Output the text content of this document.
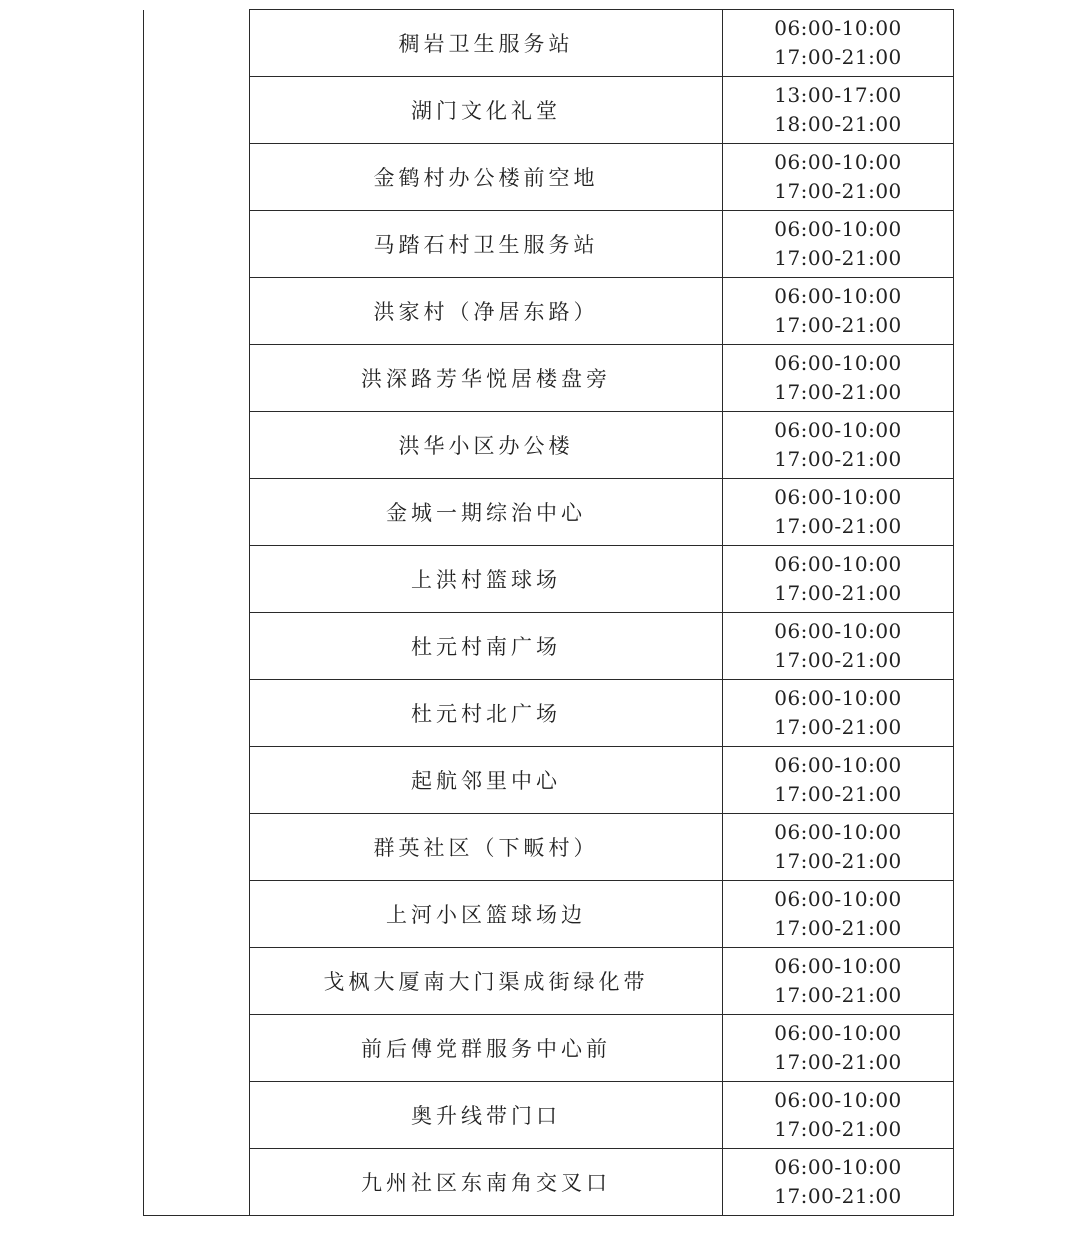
	稠岩卫生服务站	06:00-10:00
17:00-21:00

	湖门文化礼堂	13:00-17:00
18:00-21:00

	金鹤村办公楼前空地	06:00-10:00
17:00-21:00

	马踏石村卫生服务站	06:00-10:00
17:00-21:00

	洪家村（净居东路）	06:00-10:00
17:00-21:00

	洪深路芳华悦居楼盘旁	06:00-10:00
17:00-21:00

	洪华小区办公楼	06:00-10:00
17:00-21:00

	金城一期综治中心	06:00-10:00
17:00-21:00

	上洪村篮球场	06:00-10:00
17:00-21:00

	杜元村南广场	06:00-10:00
17:00-21:00

	杜元村北广场	06:00-10:00
17:00-21:00

	起航邻里中心	06:00-10:00
17:00-21:00

	群英社区（下畈村）	06:00-10:00
17:00-21:00

	上河小区篮球场边	06:00-10:00
17:00-21:00

	戈枫大厦南大门渠成街绿化带	06:00-10:00
17:00-21:00

	前后傅党群服务中心前	06:00-10:00
17:00-21:00

	奥升线带门口	06:00-10:00
17:00-21:00

	九州社区东南角交叉口	06:00-10:00
17:00-21:00
